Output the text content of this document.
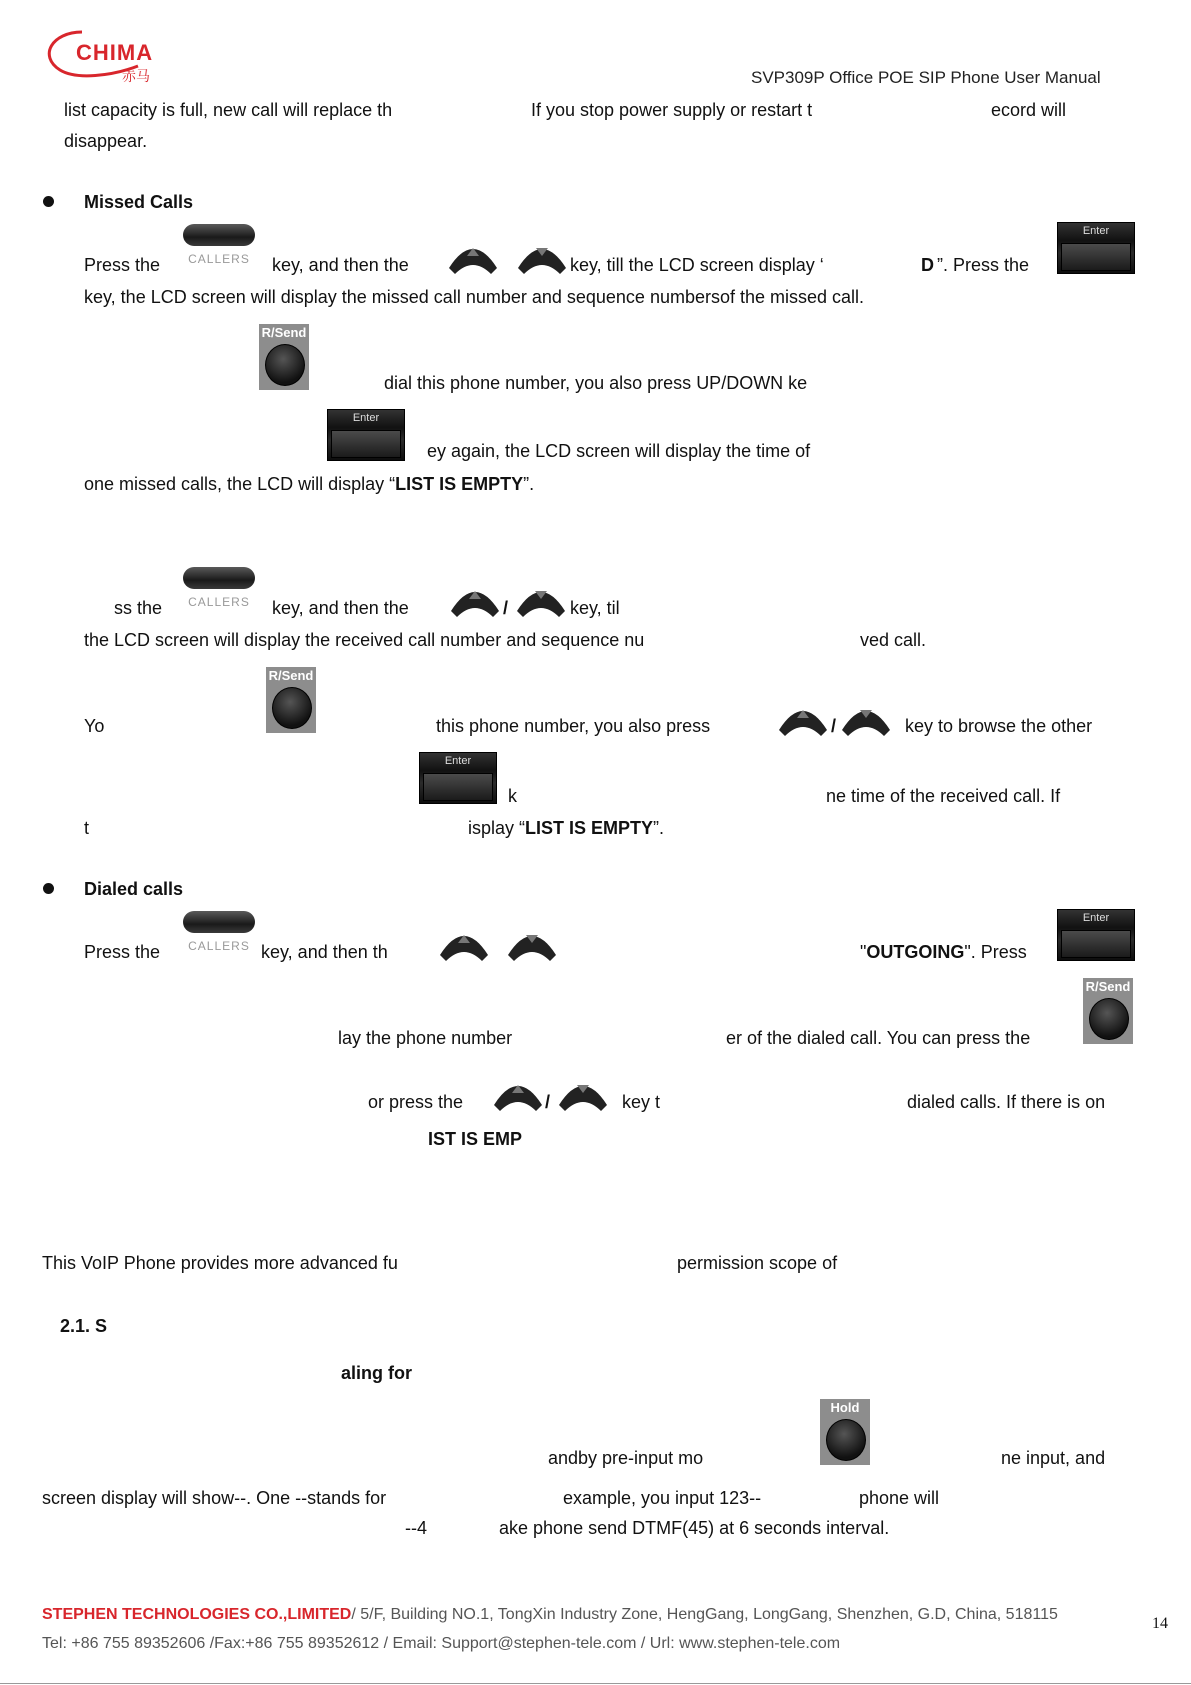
CHIMA
赤马	SVP309P Office POE SIP Phone User Manual
list capacity is full, new call will replace th	If you stop power supply or restart t	ecord will
disappear.
Missed Calls
Press the	CALLERS	key, and then the	key, till the LCD screen display ‘	D ”. Press the
Enter
key, the LCD screen will display the missed call number and sequence numbersof the missed call.
R/Send
dial this phone number, you also press UP/DOWN ke
Enter
ey again, the LCD screen will display the time of
one missed calls, the LCD will display “LIST IS EMPTY”.
ss the	CALLERS	key, and then the	/	key, til
the LCD screen will display the received call number and sequence nu	ved call.
Yo
R/Send
this phone number, you also press	/	key to browse the other
Enter
k	ne time of the received call. If
t	isplay “LIST IS EMPTY”.
Dialed calls
Press the	CALLERS key, and then th	"OUTGOING". Press
Enter
R/Send
lay the phone number	er of the dialed call. You can press the
or press the	/	key t	dialed calls. If there is on
IST IS EMP
This VoIP Phone provides more advanced fu	permission scope of
2.1. S
aling for
Hold
andby pre-input mo	ne input, and
screen display will show--. One --stands for	example, you input 123--	phone will
--4	ake phone send DTMF(45) at 6 seconds interval.
STEPHEN TECHNOLOGIES CO.,LIMITED/ 5/F, Building NO.1, TongXin Industry Zone, HengGang, LongGang, Shenzhen, G.D, China, 518115
Tel: +86 755 89352606 /Fax:+86 755 89352612 / Email: Support@stephen-tele.com / Url: www.stephen-tele.com
14
